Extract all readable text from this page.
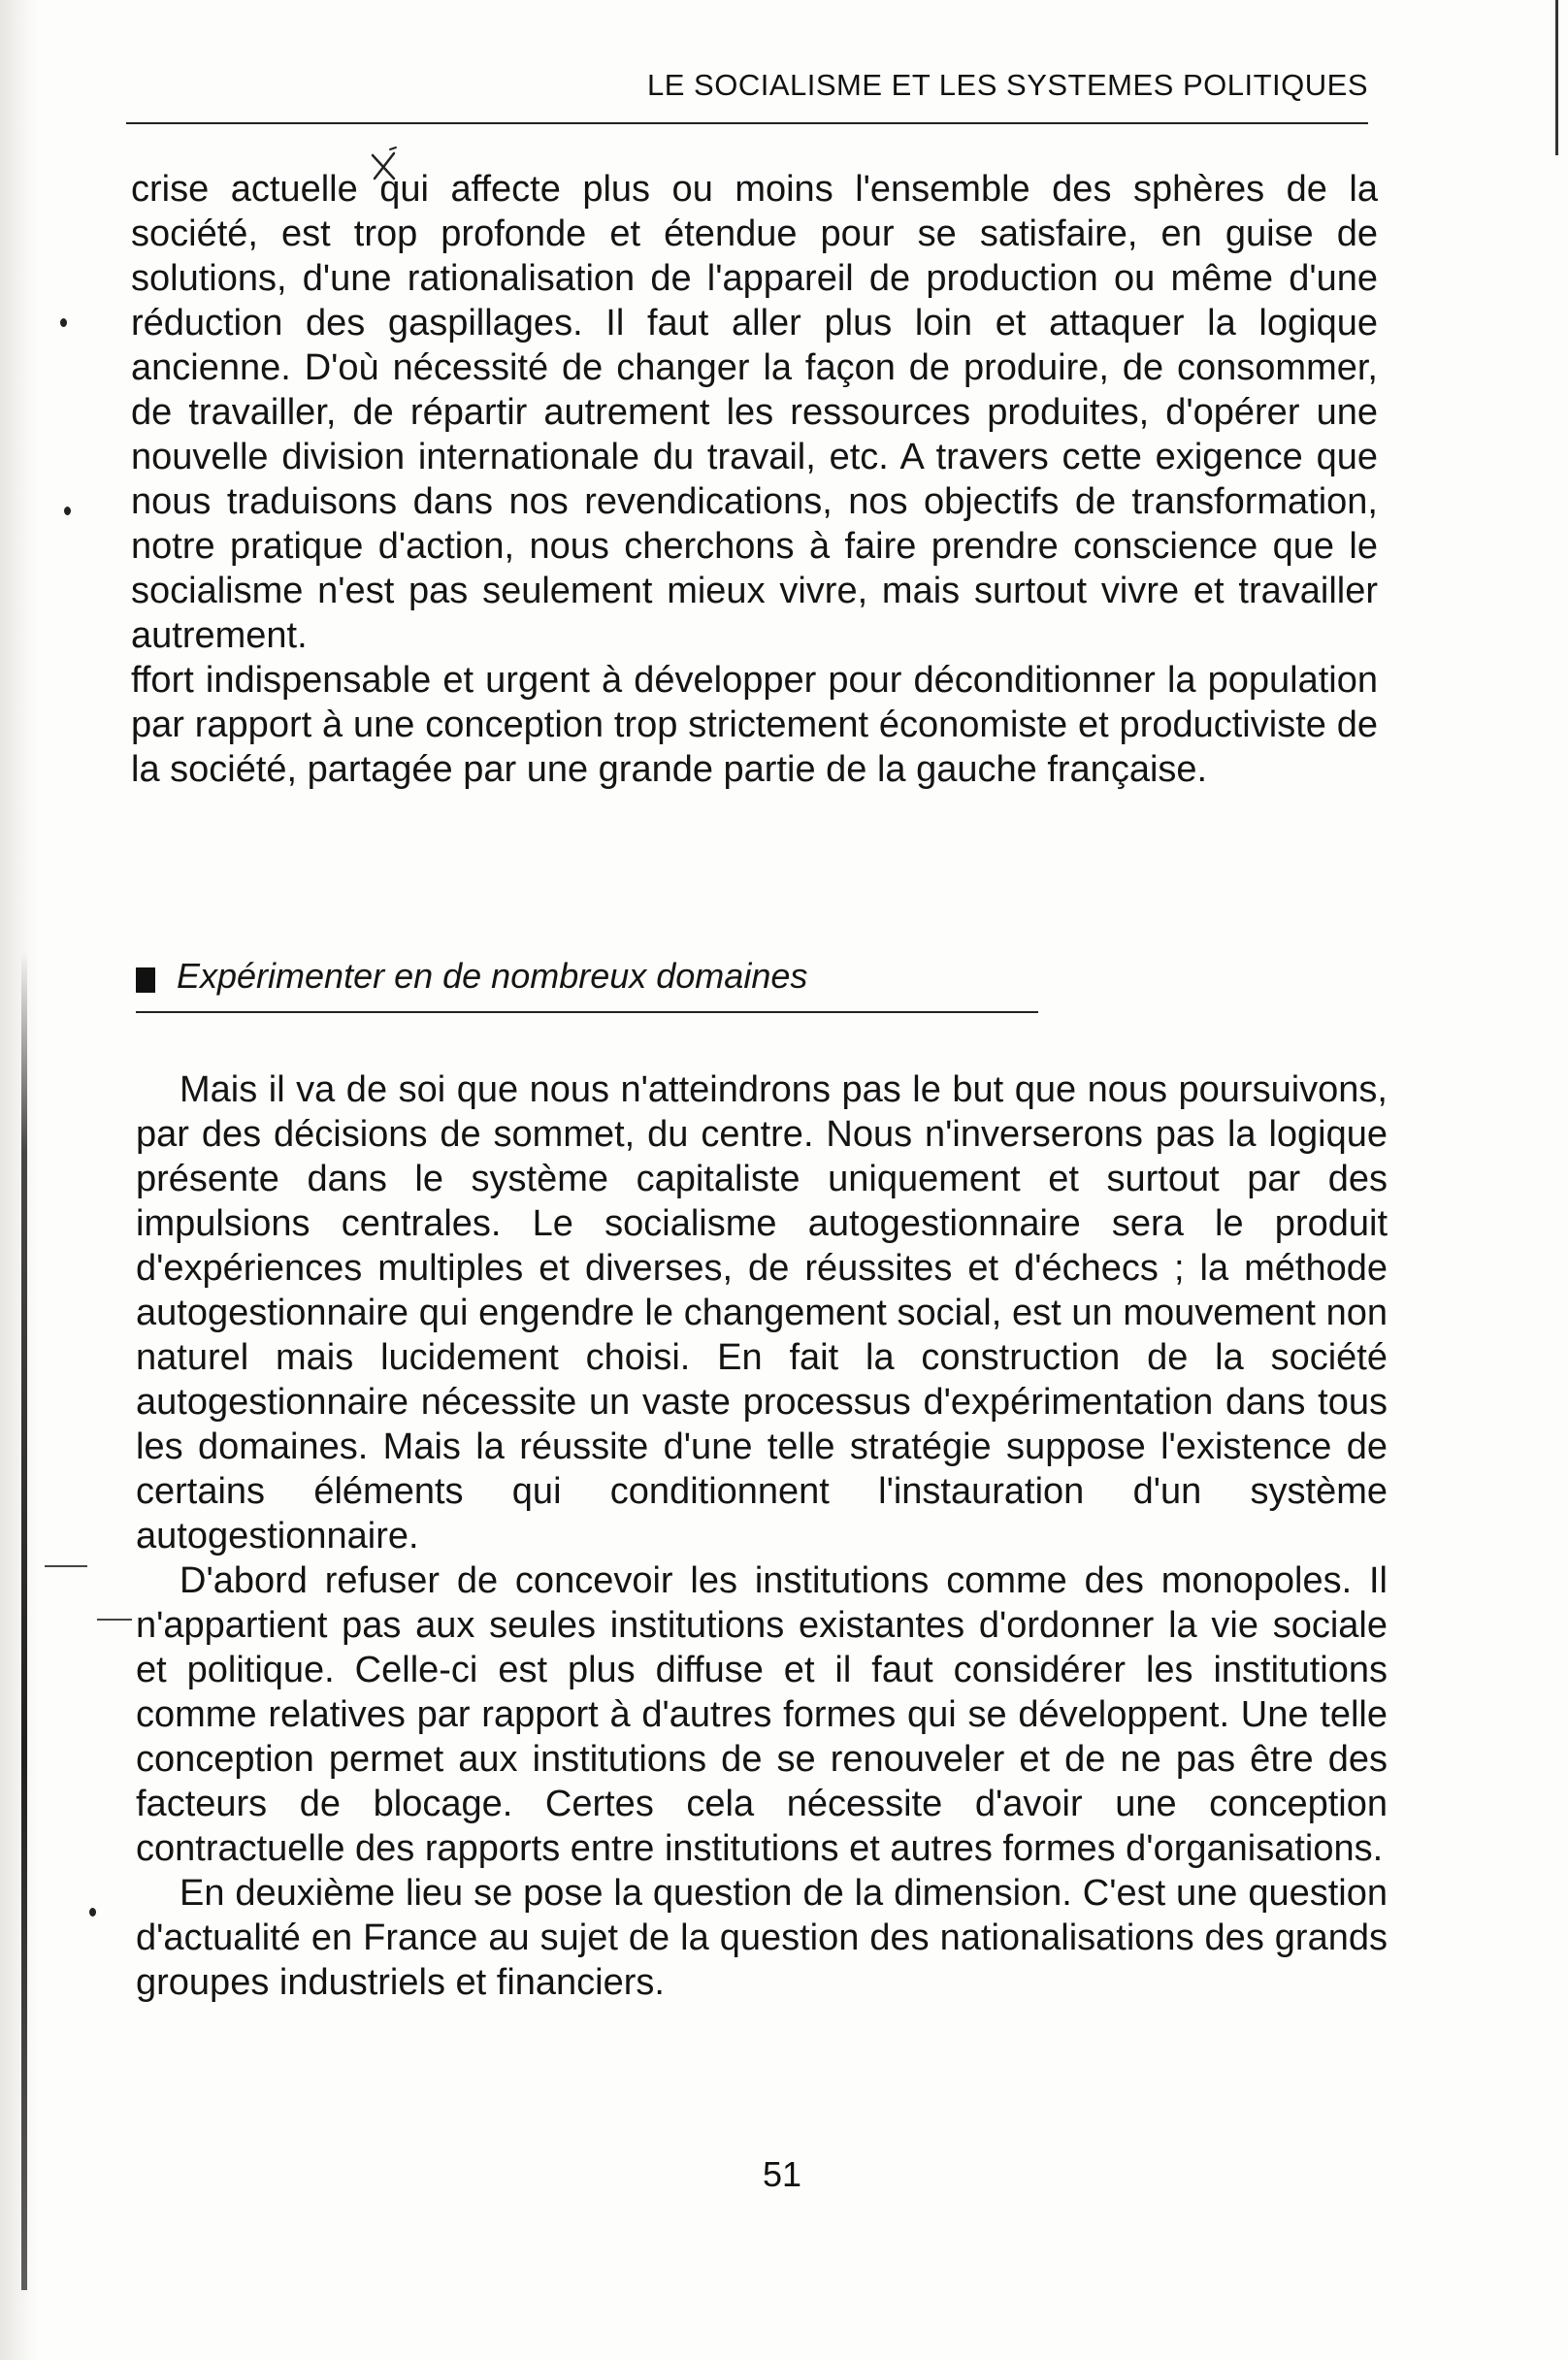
LE SOCIALISME ET LES SYSTEMES POLITIQUES

crise actuelle qui affecte plus ou moins l'ensemble des sphères de la société, est trop profonde et étendue pour se satisfaire, en guise de solutions, d'une rationalisation de l'appareil de production ou même d'une réduction des gaspillages. Il faut aller plus loin et attaquer la logique ancienne. D'où nécessité de changer la façon de produire, de consommer, de travailler, de répartir autrement les ressources produites, d'opérer une nouvelle division internationale du travail, etc. A travers cette exigence que nous traduisons dans nos revendications, nos objectifs de transformation, notre pratique d'action, nous cherchons à faire prendre conscience que le socialisme n'est pas seulement mieux vivre, mais surtout vivre et travailler autrement.

ffort indispensable et urgent à développer pour déconditionner la population par rapport à une conception trop strictement économiste et productiviste de la société, partagée par une grande partie de la gauche française.

Expérimenter en de nombreux domaines

Mais il va de soi que nous n'atteindrons pas le but que nous poursuivons, par des décisions de sommet, du centre. Nous n'inverserons pas la logique présente dans le système capitaliste uniquement et surtout par des impulsions centrales. Le socialisme autogestionnaire sera le produit d'expériences multiples et diverses, de réussites et d'échecs ; la méthode autogestionnaire qui engendre le changement social, est un mouvement non naturel mais lucidement choisi. En fait la construction de la société autogestionnaire nécessite un vaste processus d'expérimentation dans tous les domaines. Mais la réussite d'une telle stratégie suppose l'existence de certains éléments qui conditionnent l'instauration d'un système autogestionnaire.

D'abord refuser de concevoir les institutions comme des monopoles. Il n'appartient pas aux seules institutions existantes d'ordonner la vie sociale et politique. Celle-ci est plus diffuse et il faut considérer les institutions comme relatives par rapport à d'autres formes qui se développent. Une telle conception permet aux institutions de se renouveler et de ne pas être des facteurs de blocage. Certes cela nécessite d'avoir une conception contractuelle des rapports entre institutions et autres formes d'organisations.

En deuxième lieu se pose la question de la dimension. C'est une question d'actualité en France au sujet de la question des nationalisations des grands groupes industriels et financiers.

51
